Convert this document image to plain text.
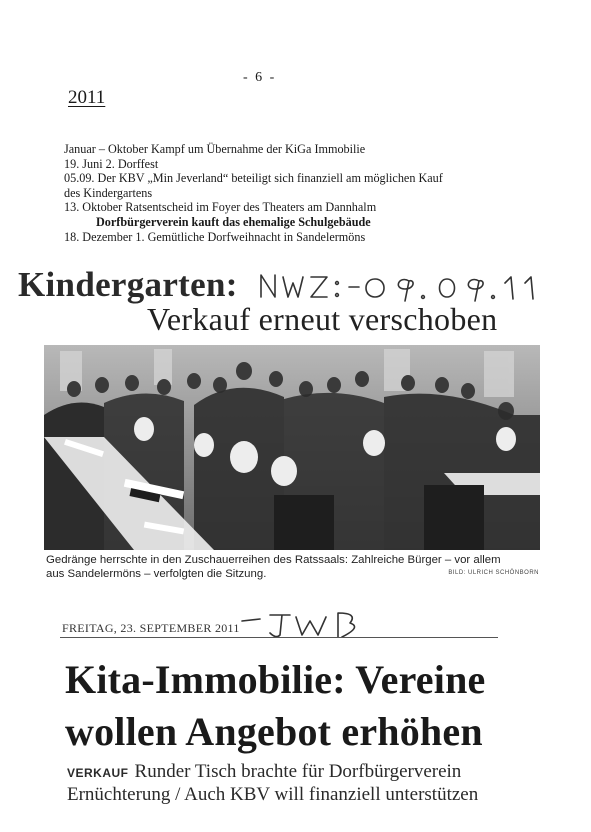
- 6 -
2011
Januar – Oktober Kampf um Übernahme der KiGa Immobilie
19. Juni 2. Dorffest
05.09. Der KBV „Min Jeverland“ beteiligt sich finanziell am möglichen Kauf
des Kindergartens
13. Oktober Ratsentscheid im Foyer des Theaters am Dannhalm
Dorfbürgerverein kauft das ehemalige Schulgebäude
18. Dezember 1. Gemütliche Dorfweihnacht in Sandelermöns
Kindergarten:
Verkauf erneut verschoben
Gedränge herrschte in den Zuschauerreihen des Ratssaals: Zahlreiche Bürger – vor allem
aus Sandelermöns – verfolgten die Sitzung.	BILD: ULRICH SCHÖNBORN
FREITAG, 23. SEPTEMBER 2011
Kita-Immobilie: Vereine
wollen Angebot erhöhen
VERKAUF Runder Tisch brachte für Dorfbürgerverein
Ernüchterung / Auch KBV will finanziell unterstützen
